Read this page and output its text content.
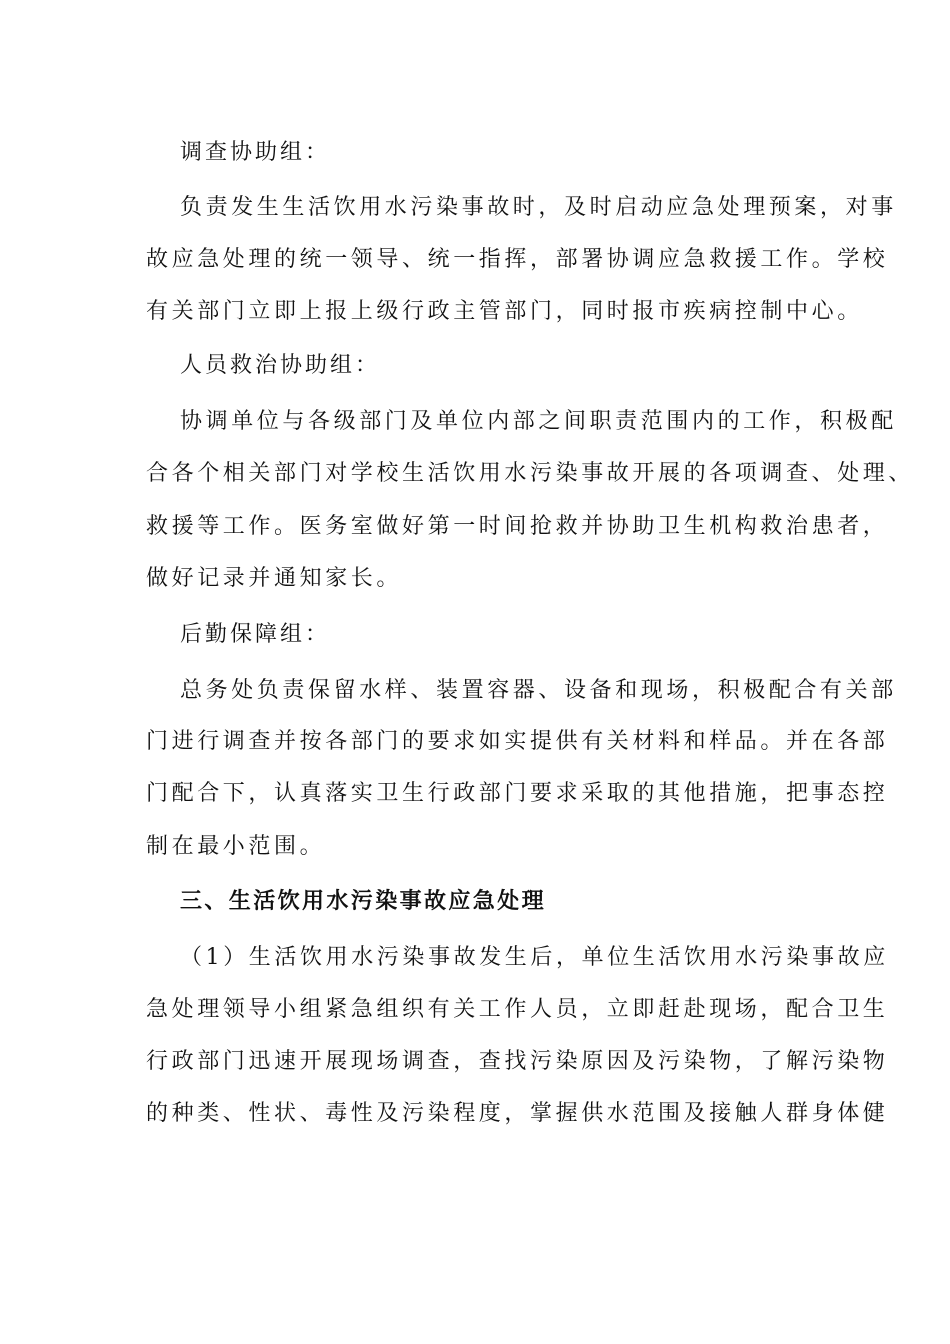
调查协助组：
负责发生生活饮用水污染事故时，及时启动应急处理预案，对事
故应急处理的统一领导、统一指挥，部署协调应急救援工作。学校
有关部门立即上报上级行政主管部门，同时报市疾病控制中心。
人员救治协助组：
协调单位与各级部门及单位内部之间职责范围内的工作，积极配
合各个相关部门对学校生活饮用水污染事故开展的各项调查、处理、
救援等工作。医务室做好第一时间抢救并协助卫生机构救治患者，
做好记录并通知家长。
后勤保障组：
总务处负责保留水样、装置容器、设备和现场，积极配合有关部
门进行调查并按各部门的要求如实提供有关材料和样品。并在各部
门配合下，认真落实卫生行政部门要求采取的其他措施，把事态控
制在最小范围。
三、生活饮用水污染事故应急处理
（1）生活饮用水污染事故发生后，单位生活饮用水污染事故应
急处理领导小组紧急组织有关工作人员，立即赶赴现场，配合卫生
行政部门迅速开展现场调查，查找污染原因及污染物，了解污染物
的种类、性状、毒性及污染程度，掌握供水范围及接触人群身体健
